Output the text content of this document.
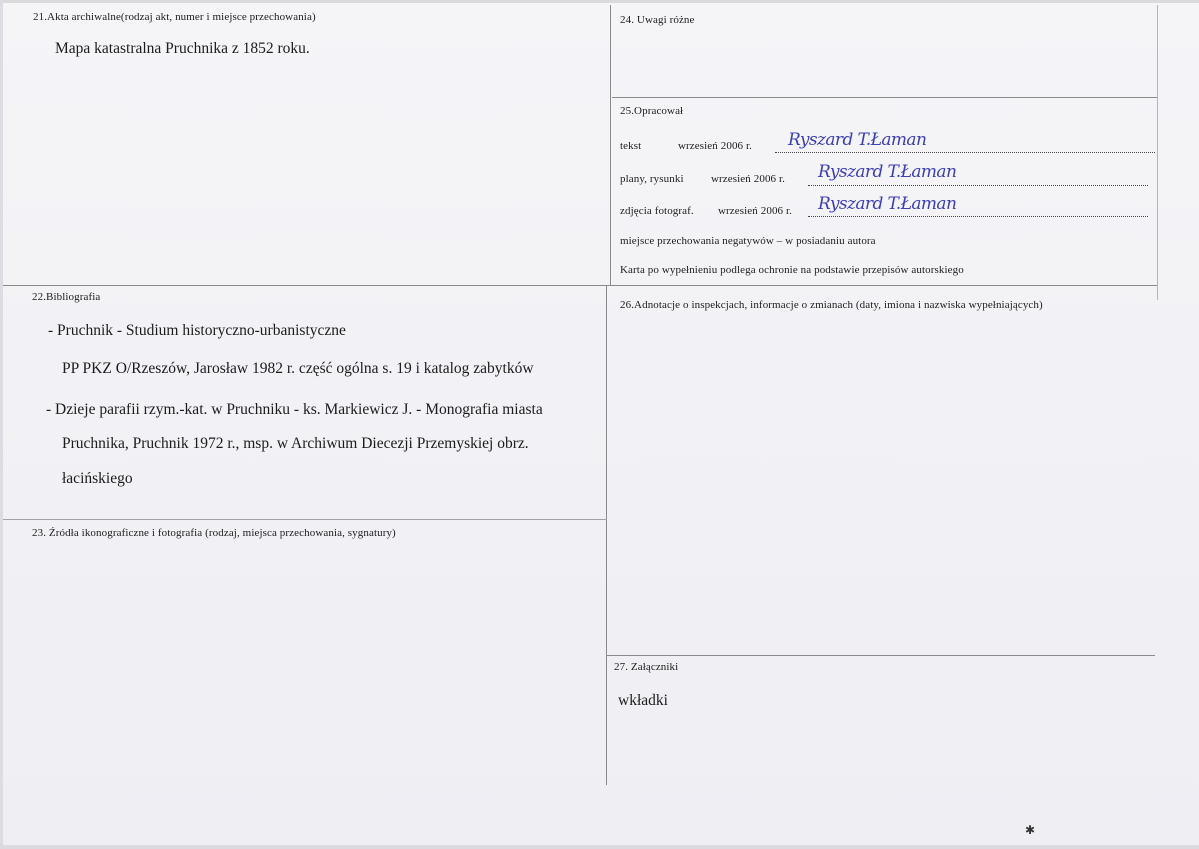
21.Akta archiwalne(rodzaj akt, numer i miejsce przechowania)
Mapa katastralna Pruchnika z 1852 roku.
22.Bibliografia
- Pruchnik - Studium historyczno-urbanistyczne
PP PKZ O/Rzeszów, Jarosław 1982 r. część ogólna s. 19 i katalog zabytków
- Dzieje parafii rzym.-kat. w Pruchniku - ks. Markiewicz J. - Monografia miasta
Pruchnika, Pruchnik 1972 r., msp. w Archiwum Diecezji Przemyskiej obrz.
łacińskiego
23. Źródła ikonograficzne i fotografia (rodzaj, miejsca przechowania, sygnatury)
24. Uwagi różne
25.Opracował
tekst	wrzesień 2006 r. Ryszard T.Łaman
plany, rysunki wrzesień 2006 r. Ryszard T.Łaman
zdjęcia fotograf. wrzesień 2006 r. Ryszard T.Łaman
miejsce przechowania negatywów – w posiadaniu autora
Karta po wypełnieniu podlega ochronie na podstawie przepisów autorskiego
26.Adnotacje o inspekcjach, informacje o zmianach (daty, imiona i nazwiska wypełniających)
27. Załączniki
wkładki
✱
